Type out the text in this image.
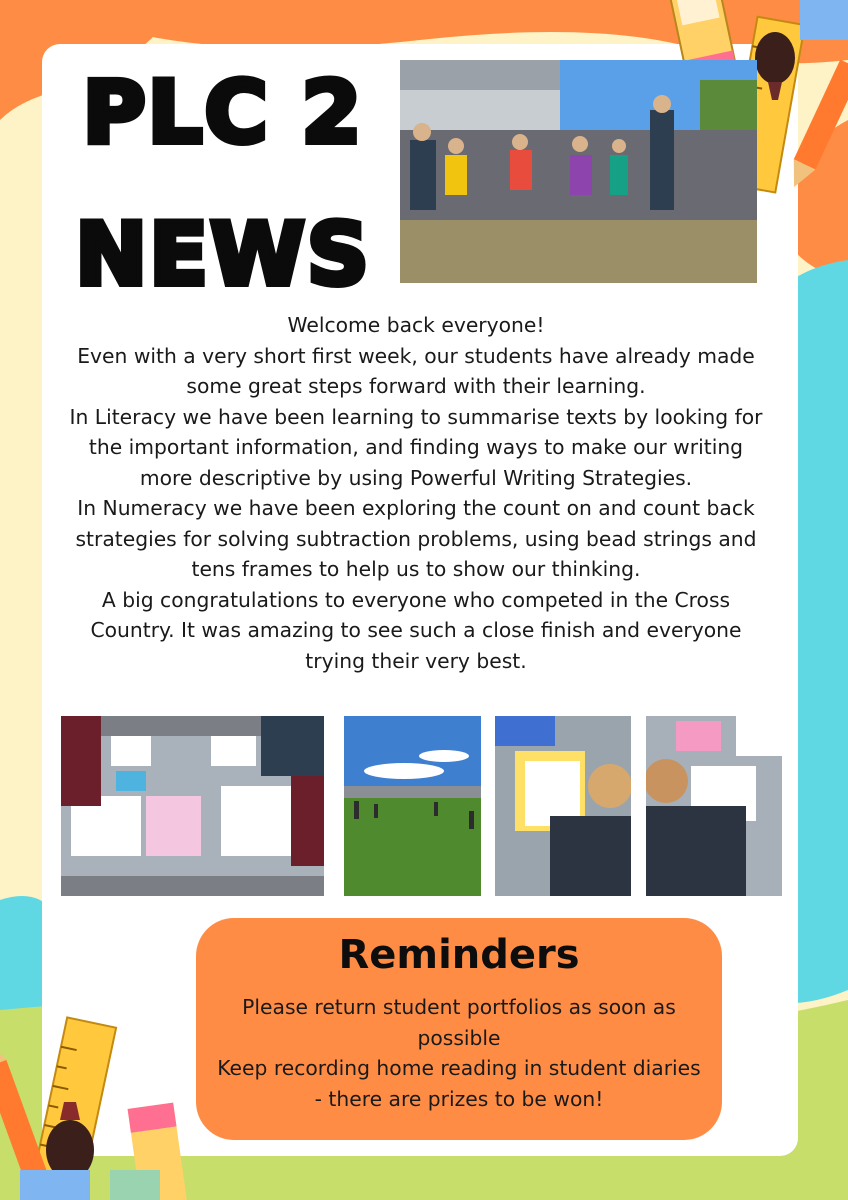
PLC 2
NEWS

Welcome back everyone!

Even with a very short first week, our students have already made some great steps forward with their learning.

In Literacy we have been learning to summarise texts by looking for the important information, and finding ways to make our writing more descriptive by using Powerful Writing Strategies.

In Numeracy we have been exploring the count on and count back strategies for solving subtraction problems, using bead strings and tens frames to help us to show our thinking.

A big congratulations to everyone who competed in the Cross Country. It was amazing to see such a close finish and everyone trying their very best.

Reminders

Please return student portfolios as soon as possible

Keep recording home reading in student diaries - there are prizes to be won!
